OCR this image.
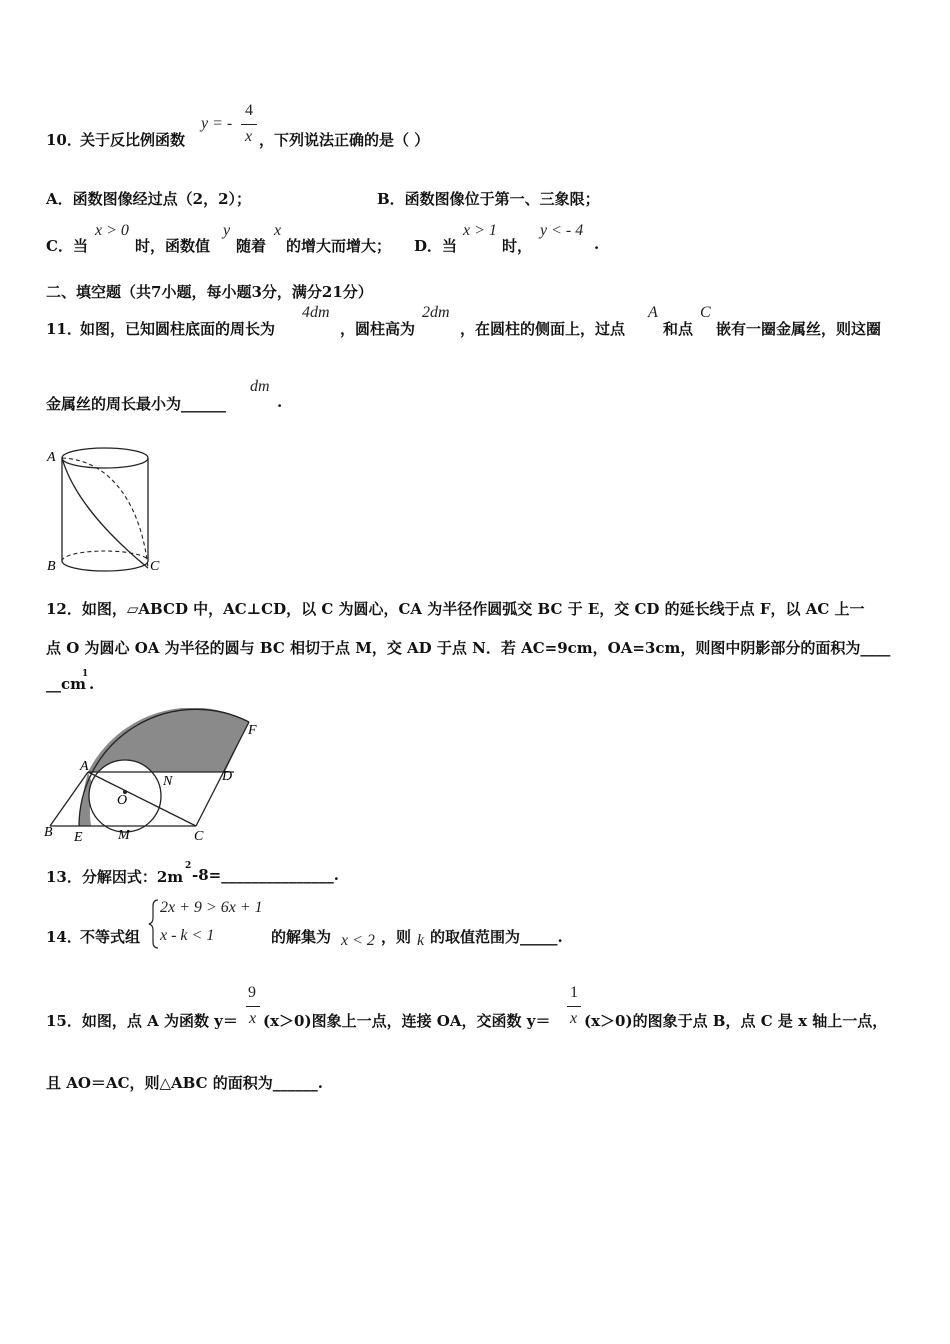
10．
关于反比例函数
y = -
4
x ，下列说法正确的是（ ）
A．函数图像经过点（2，2）；	B．函数图像位于第一、三象限；
C．当
x > 0
时，函数值
y
随着
x
的增大而增大； D．当
x > 1
时，
y < - 4
.
二、填空题（共7小题，每小题3分，满分21分）
11．
如图，已知圆柱底面的周长为
4dm
，圆柱高为
2dm
，在圆柱的侧面上，过点
A
和点
C
嵌有一圈金属丝，则这圈
金属丝的周长最小为______
dm
.
A
B	C
12．如图，▱ABCD 中，AC⊥CD，以 C 为圆心，CA 为半径作圆弧交 BC 于 E，交 CD 的延长线于点 F，以 AC 上一
点 O 为圆心 OA 为半径的圆与 BC 相切于点 M，交 AD 于点 N．若 AC=9cm，OA=3cm，则图中阴影部分的面积为____
__cm
1
.
A
B	C
D
E
F
M
N
O
13．分解因式：2m
2 -8=_______________.
14．
不等式组
2x + 9 > 6x + 1
x - k < 1	的解集为 x < 2 ，则 k 的取值范围为_____.
15．如图，点 A 为函数 y＝
9
x (x＞0)图象上一点，连接 OA，交函数 y＝
1
x (x＞0)的图象于点 B，点 C 是 x 轴上一点，
且 AO＝AC，则△ABC 的面积为______.
